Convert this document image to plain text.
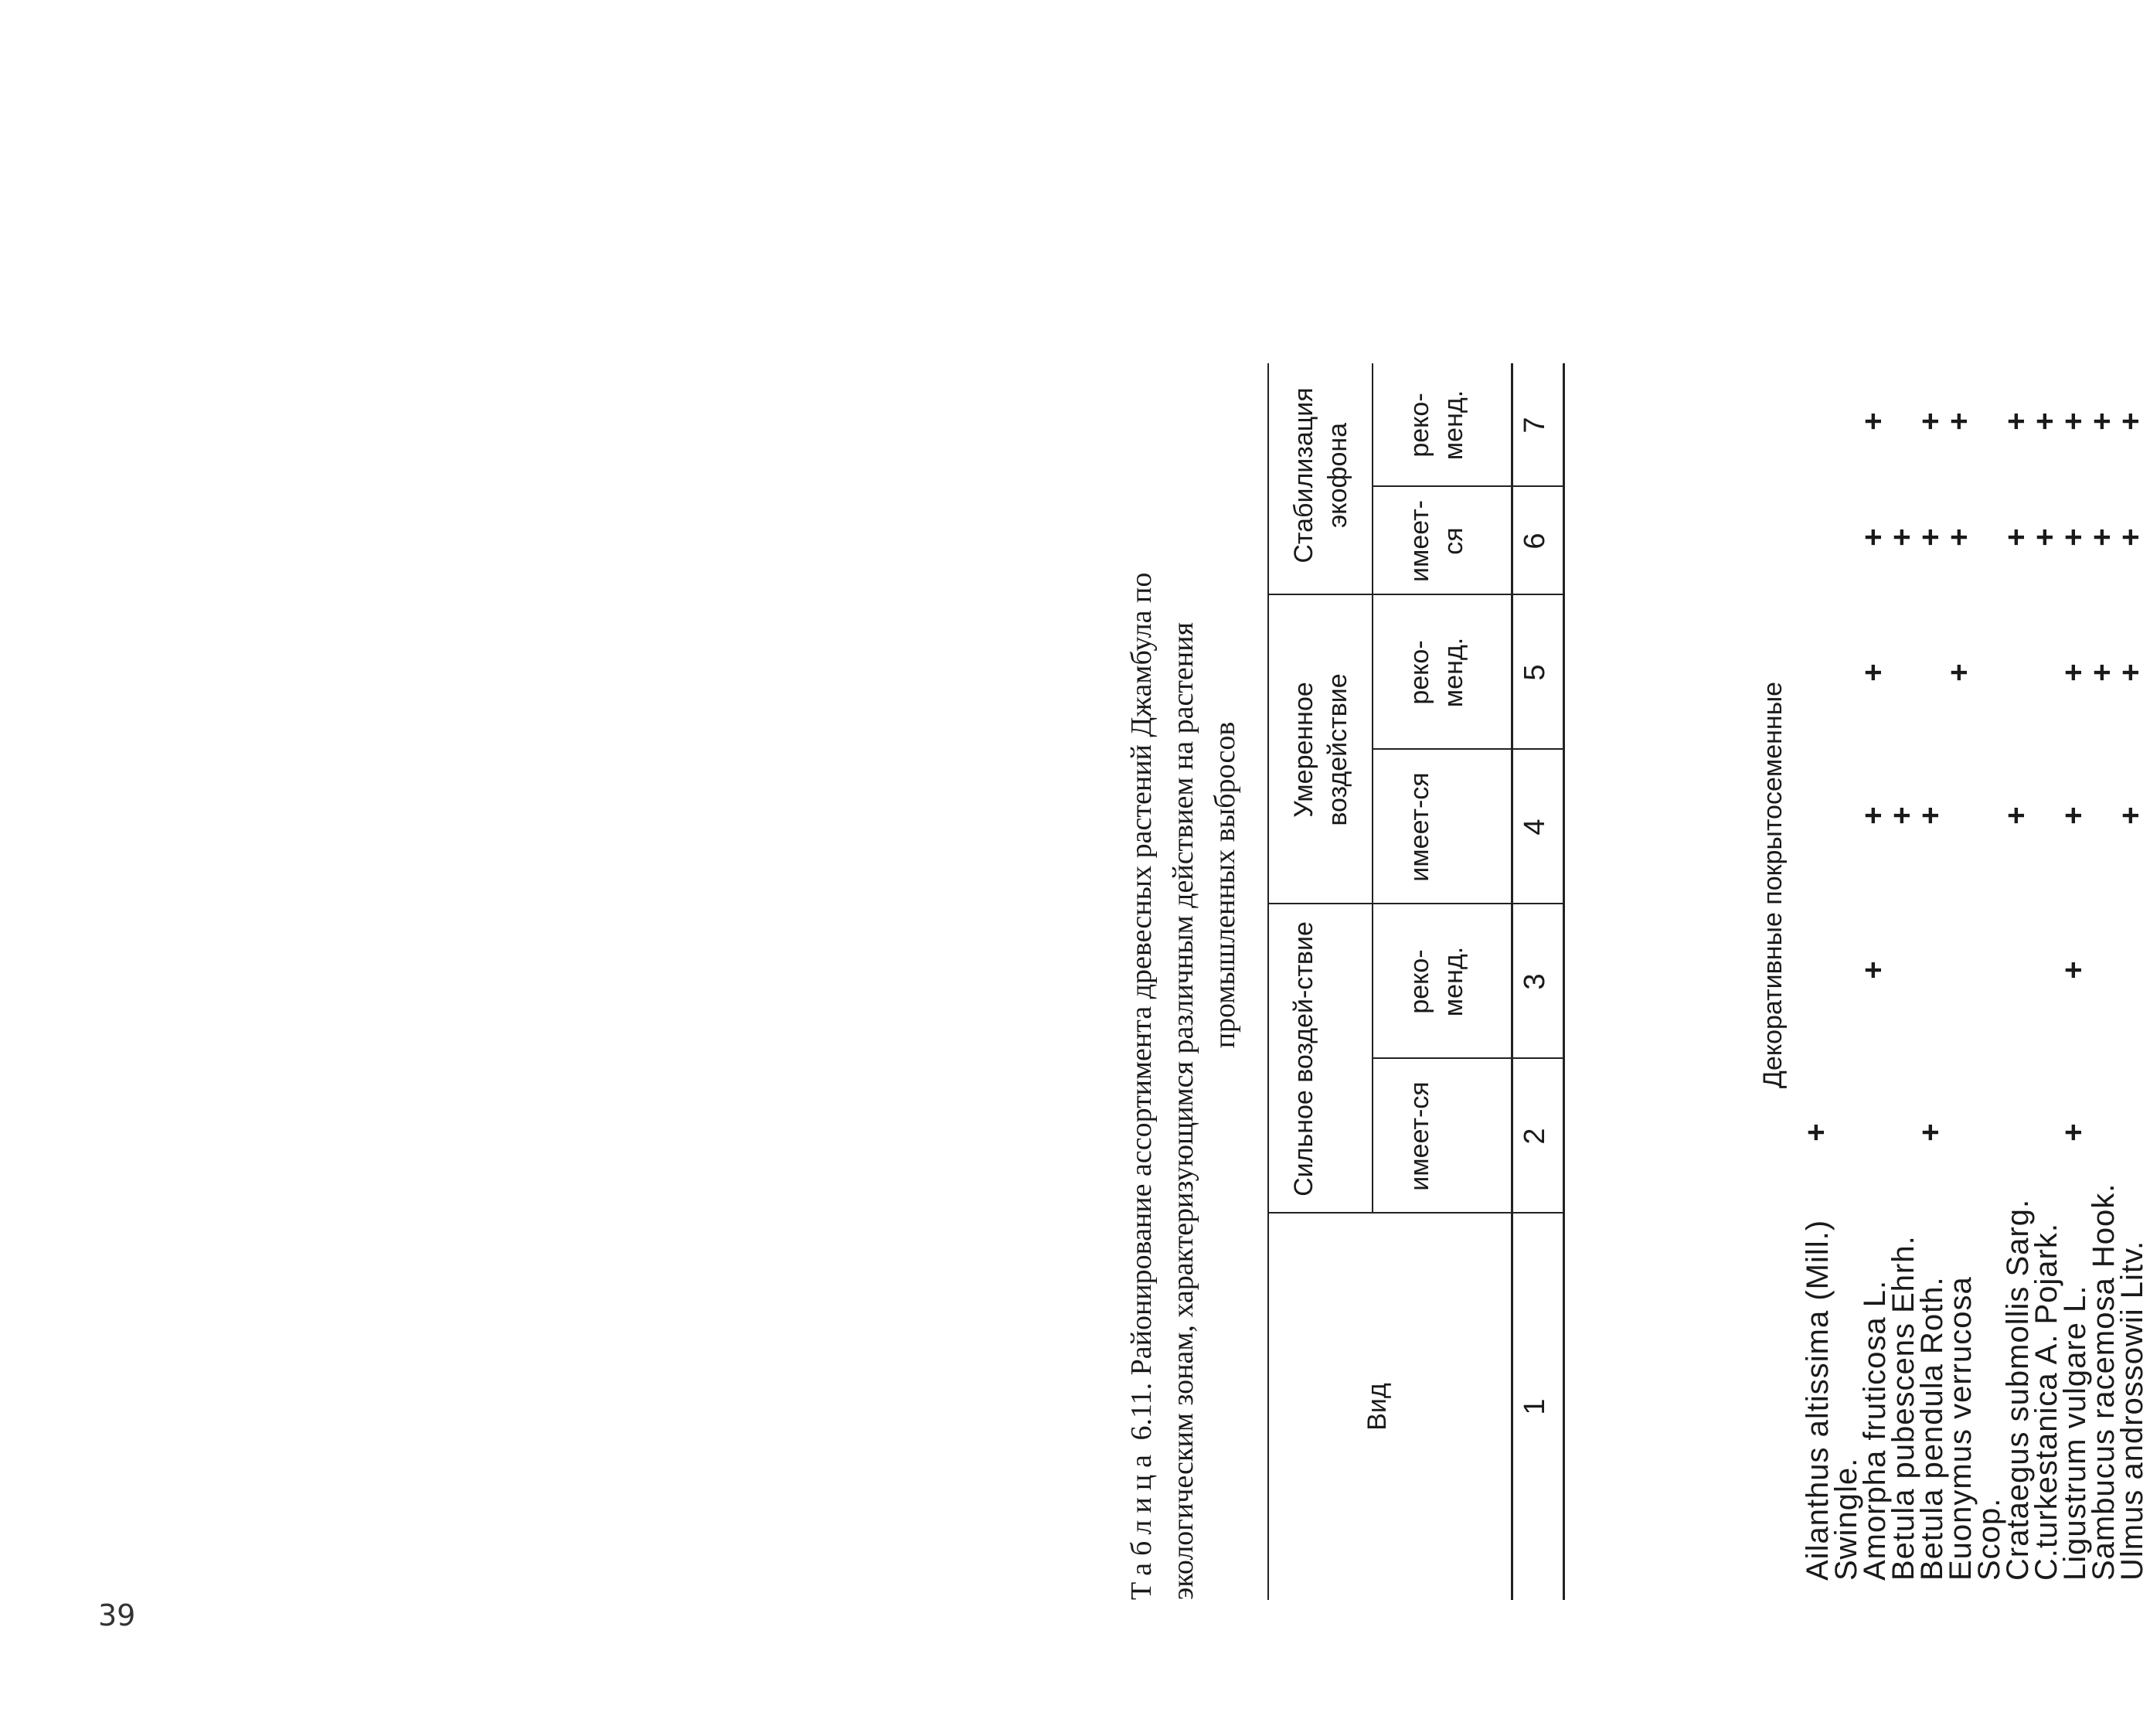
39
Таблица 6.11. Районирование ассортимента древесных растений Джамбула по экологическим зонам, характеризующимся различным действием на растения промышленных выбросов
Вид
Сильное воздей-ствие
Умеренное воздействие
Стабилизация экофона
имеет-ся
реко-менд.
имеет-ся
реко-менд.
имеет-ся
реко-менд.
1
2
3
4
5
6
7
Декоративные покрытосеменные
Ailanthus altissima (Mill.)
Swingle.
+
Amorpha fruticosa L.
+
+
+
+
+
Betula pubescens Ehrh.
+
+
Betula pendula Roth.
+
+
+
+
Euonymus verrucosa
Scop.
+
+
+
Crataegus submollis Sarg.
+
+
+
C.turkestanica A. Pojark.
+
+
Ligustrum vulgare L.
+
+
+
+
+
+
Sambucus racemosa Hook.
+
+
+
Ulmus androssowii Litv.
+
+
+
+
